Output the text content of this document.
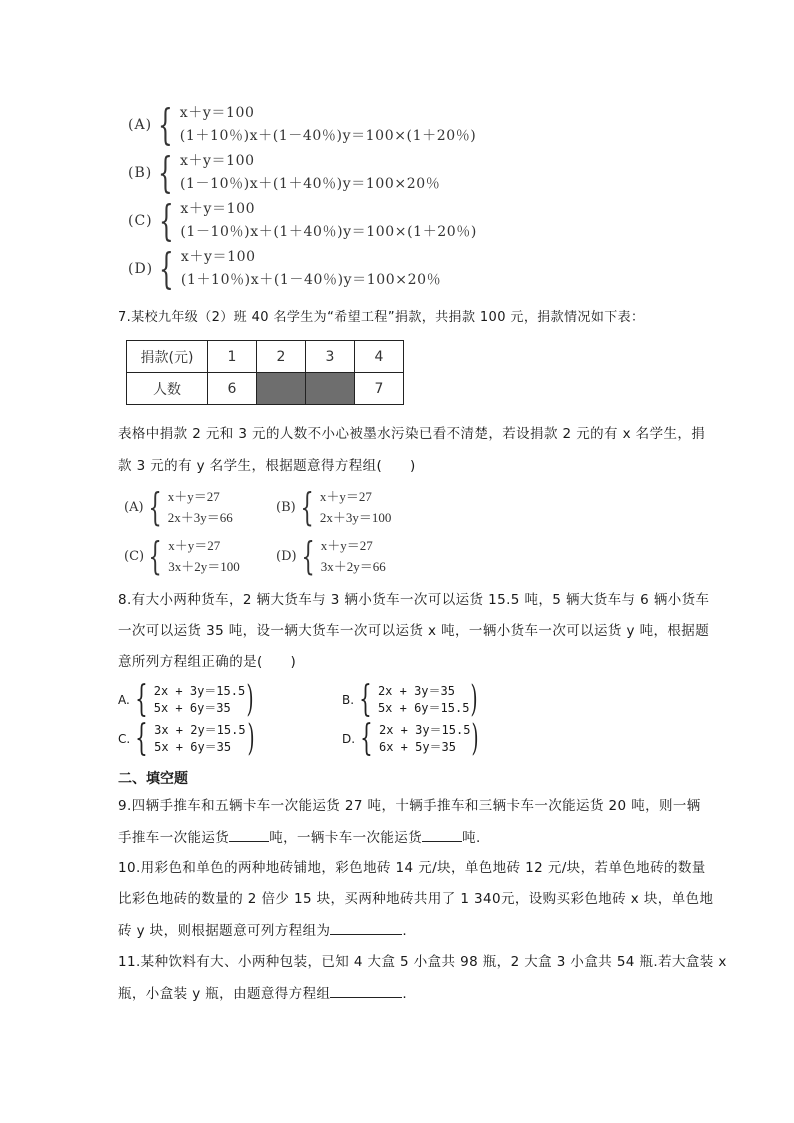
(A) { x＋y＝100
(1＋10％)x＋(1－40％)y＝100×(1＋20％)
(B) { x＋y＝100
(1－10％)x＋(1＋40％)y＝100×20％
(C) { x＋y＝100
(1－10％)x＋(1＋40％)y＝100×(1＋20％)
(D) { x＋y＝100
(1＋10％)x＋(1－40％)y＝100×20％
7.某校九年级（2）班 40 名学生为“希望工程”捐款，共捐款 100 元，捐款情况如下表：
捐款(元)	1	2	3	4
人数	6			7
表格中捐款 2 元和 3 元的人数不小心被墨水污染已看不清楚，若设捐款 2 元的有 x 名学生，捐
款 3 元的有 y 名学生，根据题意得方程组(　　)
(A) { x＋y＝27
2x＋3y＝66
(B) { x＋y＝27
2x＋3y＝100
(C) { x＋y＝27
3x＋2y＝100
(D) { x＋y＝27
3x＋2y＝66
8.有大小两种货车，2 辆大货车与 3 辆小货车一次可以运货 15.5 吨，5 辆大货车与 6 辆小货车
一次可以运货 35 吨，设一辆大货车一次可以运货 x 吨，一辆小货车一次可以运货 y 吨，根据题
意所列方程组正确的是(　　)
A. { 2x + 3y＝15.5
5x + 6y＝35 )	B. { 2x + 3y＝35
5x + 6y＝15.5 )
C. { 3x + 2y＝15.5
5x + 6y＝35 )	D. { 2x + 3y＝15.5
6x + 5y＝35 )
二、填空题
9.四辆手推车和五辆卡车一次能运货 27 吨，十辆手推车和三辆卡车一次能运货 20 吨，则一辆
手推车一次能运货	吨，一辆卡车一次能运货	吨.
10.用彩色和单色的两种地砖铺地，彩色地砖 14 元/块，单色地砖 12 元/块，若单色地砖的数量
比彩色地砖的数量的 2 倍少 15 块，买两种地砖共用了 1 340元，设购买彩色地砖 x 块，单色地
砖 y 块，则根据题意可列方程组为	.
11.某种饮料有大、小两种包装，已知 4 大盒 5 小盒共 98 瓶，2 大盒 3 小盒共 54 瓶.若大盒装 x
瓶，小盒装 y 瓶，由题意得方程组	.
